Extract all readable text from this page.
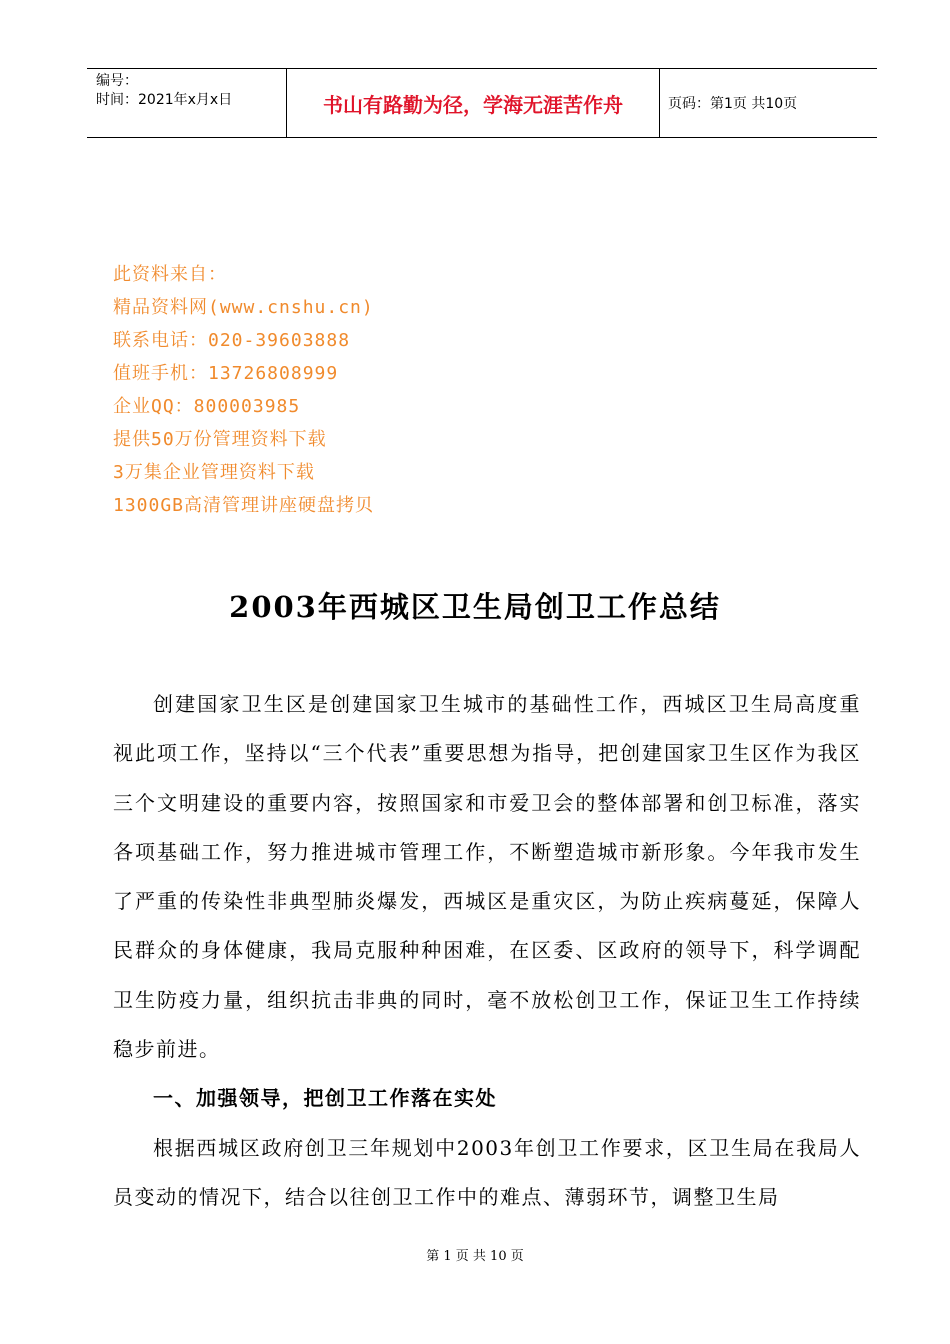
编号：
时间：2021年x月x日	书山有路勤为径，学海无涯苦作舟	页码：第1页 共10页
此资料来自：
精品资料网(www.cnshu.cn)
联系电话：020-39603888
值班手机：13726808999
企业QQ：800003985
提供50万份管理资料下载
3万集企业管理资料下载
1300GB高清管理讲座硬盘拷贝
2003年西城区卫生局创卫工作总结

创建国家卫生区是创建国家卫生城市的基础性工作，西城区卫生局高度重视此项工作，坚持以“三个代表”重要思想为指导，把创建国家卫生区作为我区三个文明建设的重要内容，按照国家和市爱卫会的整体部署和创卫标准，落实各项基础工作，努力推进城市管理工作，不断塑造城市新形象。今年我市发生了严重的传染性非典型肺炎爆发，西城区是重灾区，为防止疾病蔓延，保障人民群众的身体健康，我局克服种种困难，在区委、区政府的领导下，科学调配卫生防疫力量，组织抗击非典的同时，毫不放松创卫工作，保证卫生工作持续稳步前进。

一、加强领导，把创卫工作落在实处

根据西城区政府创卫三年规划中2003年创卫工作要求，区卫生局在我局人员变动的情况下，结合以往创卫工作中的难点、薄弱环节，调整卫生局

第 1 页 共 10 页
